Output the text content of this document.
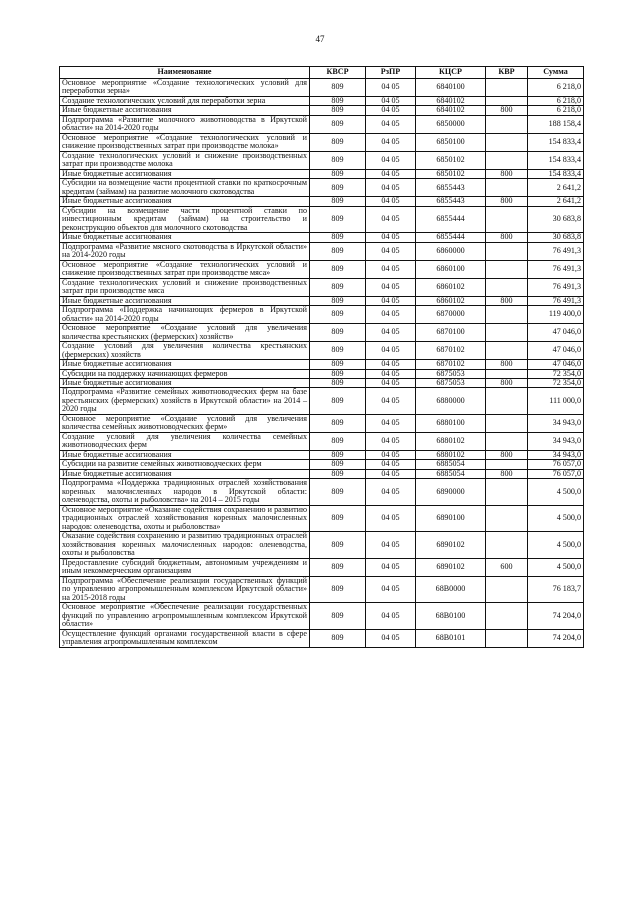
47
Наименование	КВСР	РзПР	КЦСР	КВР	Сумма
Основное мероприятие «Создание технологических условий для переработки зерна»	809	04 05	6840100		6 218,0
Создание технологических условий для переработки зерна	809	04 05	6840102		6 218,0
Иные бюджетные ассигнования	809	04 05	6840102	800	6 218,0
Подпрограмма «Развитие молочного животноводства в Иркутской области» на 2014-2020 годы	809	04 05	6850000		188 158,4
Основное мероприятие «Создание технологических условий и снижение производственных затрат при производстве молока»	809	04 05	6850100		154 833,4
Создание технологических условий и снижение производственных затрат при производстве молока	809	04 05	6850102		154 833,4
Иные бюджетные ассигнования	809	04 05	6850102	800	154 833,4
Субсидии на возмещение части процентной ставки по краткосрочным кредитам (займам) на развитие молочного скотоводства	809	04 05	6855443		2 641,2
Иные бюджетные ассигнования	809	04 05	6855443	800	2 641,2
Субсидии на возмещение части процентной ставки по инвестиционным кредитам (займам) на строительство и реконструкцию объектов для молочного скотоводства	809	04 05	6855444		30 683,8
Иные бюджетные ассигнования	809	04 05	6855444	800	30 683,8
Подпрограмма «Развитие мясного скотоводства в Иркутской области» на 2014-2020 годы	809	04 05	6860000		76 491,3
Основное мероприятие «Создание технологических условий и снижение производственных затрат при производстве мяса»	809	04 05	6860100		76 491,3
Создание технологических условий и снижение производственных затрат при производстве мяса	809	04 05	6860102		76 491,3
Иные бюджетные ассигнования	809	04 05	6860102	800	76 491,3
Подпрограмма «Поддержка начинающих фермеров в Иркутской области» на 2014-2020 годы	809	04 05	6870000		119 400,0
Основное мероприятие «Создание условий для увеличения количества крестьянских (фермерских) хозяйств»	809	04 05	6870100		47 046,0
Создание условий для увеличения количества крестьянских (фермерских) хозяйств	809	04 05	6870102		47 046,0
Иные бюджетные ассигнования	809	04 05	6870102	800	47 046,0
Субсидии на поддержку начинающих фермеров	809	04 05	6875053		72 354,0
Иные бюджетные ассигнования	809	04 05	6875053	800	72 354,0
Подпрограмма «Развитие семейных животноводческих ферм на базе крестьянских (фермерских) хозяйств в Иркутской области» на 2014 – 2020 годы	809	04 05	6880000		111 000,0
Основное мероприятие «Создание условий для увеличения количества семейных животноводческих ферм»	809	04 05	6880100		34 943,0
Создание условий для увеличения количества семейных животноводческих ферм	809	04 05	6880102		34 943,0
Иные бюджетные ассигнования	809	04 05	6880102	800	34 943,0
Субсидии на развитие семейных животноводческих ферм	809	04 05	6885054		76 057,0
Иные бюджетные ассигнования	809	04 05	6885054	800	76 057,0
Подпрограмма «Поддержка традиционных отраслей хозяйствования коренных малочисленных народов в Иркутской области: оленеводства, охоты и рыболовства» на 2014 – 2015 годы	809	04 05	6890000		4 500,0
Основное мероприятие «Оказание содействия сохранению и развитию традиционных отраслей хозяйствования коренных малочисленных народов: оленеводства, охоты и рыболовства»	809	04 05	6890100		4 500,0
Оказание содействия сохранению и развитию традиционных отраслей хозяйствования коренных малочисленных народов: оленеводства, охоты и рыболовства	809	04 05	6890102		4 500,0
Предоставление субсидий бюджетным, автономным учреждениям и иным некоммерческим организациям	809	04 05	6890102	600	4 500,0
Подпрограмма «Обеспечение реализации государственных функций по управлению агропромышленным комплексом Иркутской области» на 2015-2018 годы	809	04 05	68В0000		76 183,7
Основное мероприятие «Обеспечение реализации государственных функций по управлению агропромышленным комплексом Иркутской области»	809	04 05	68В0100		74 204,0
Осуществление функций органами государственной власти в сфере управления агропромышленным комплексом	809	04 05	68В0101		74 204,0
